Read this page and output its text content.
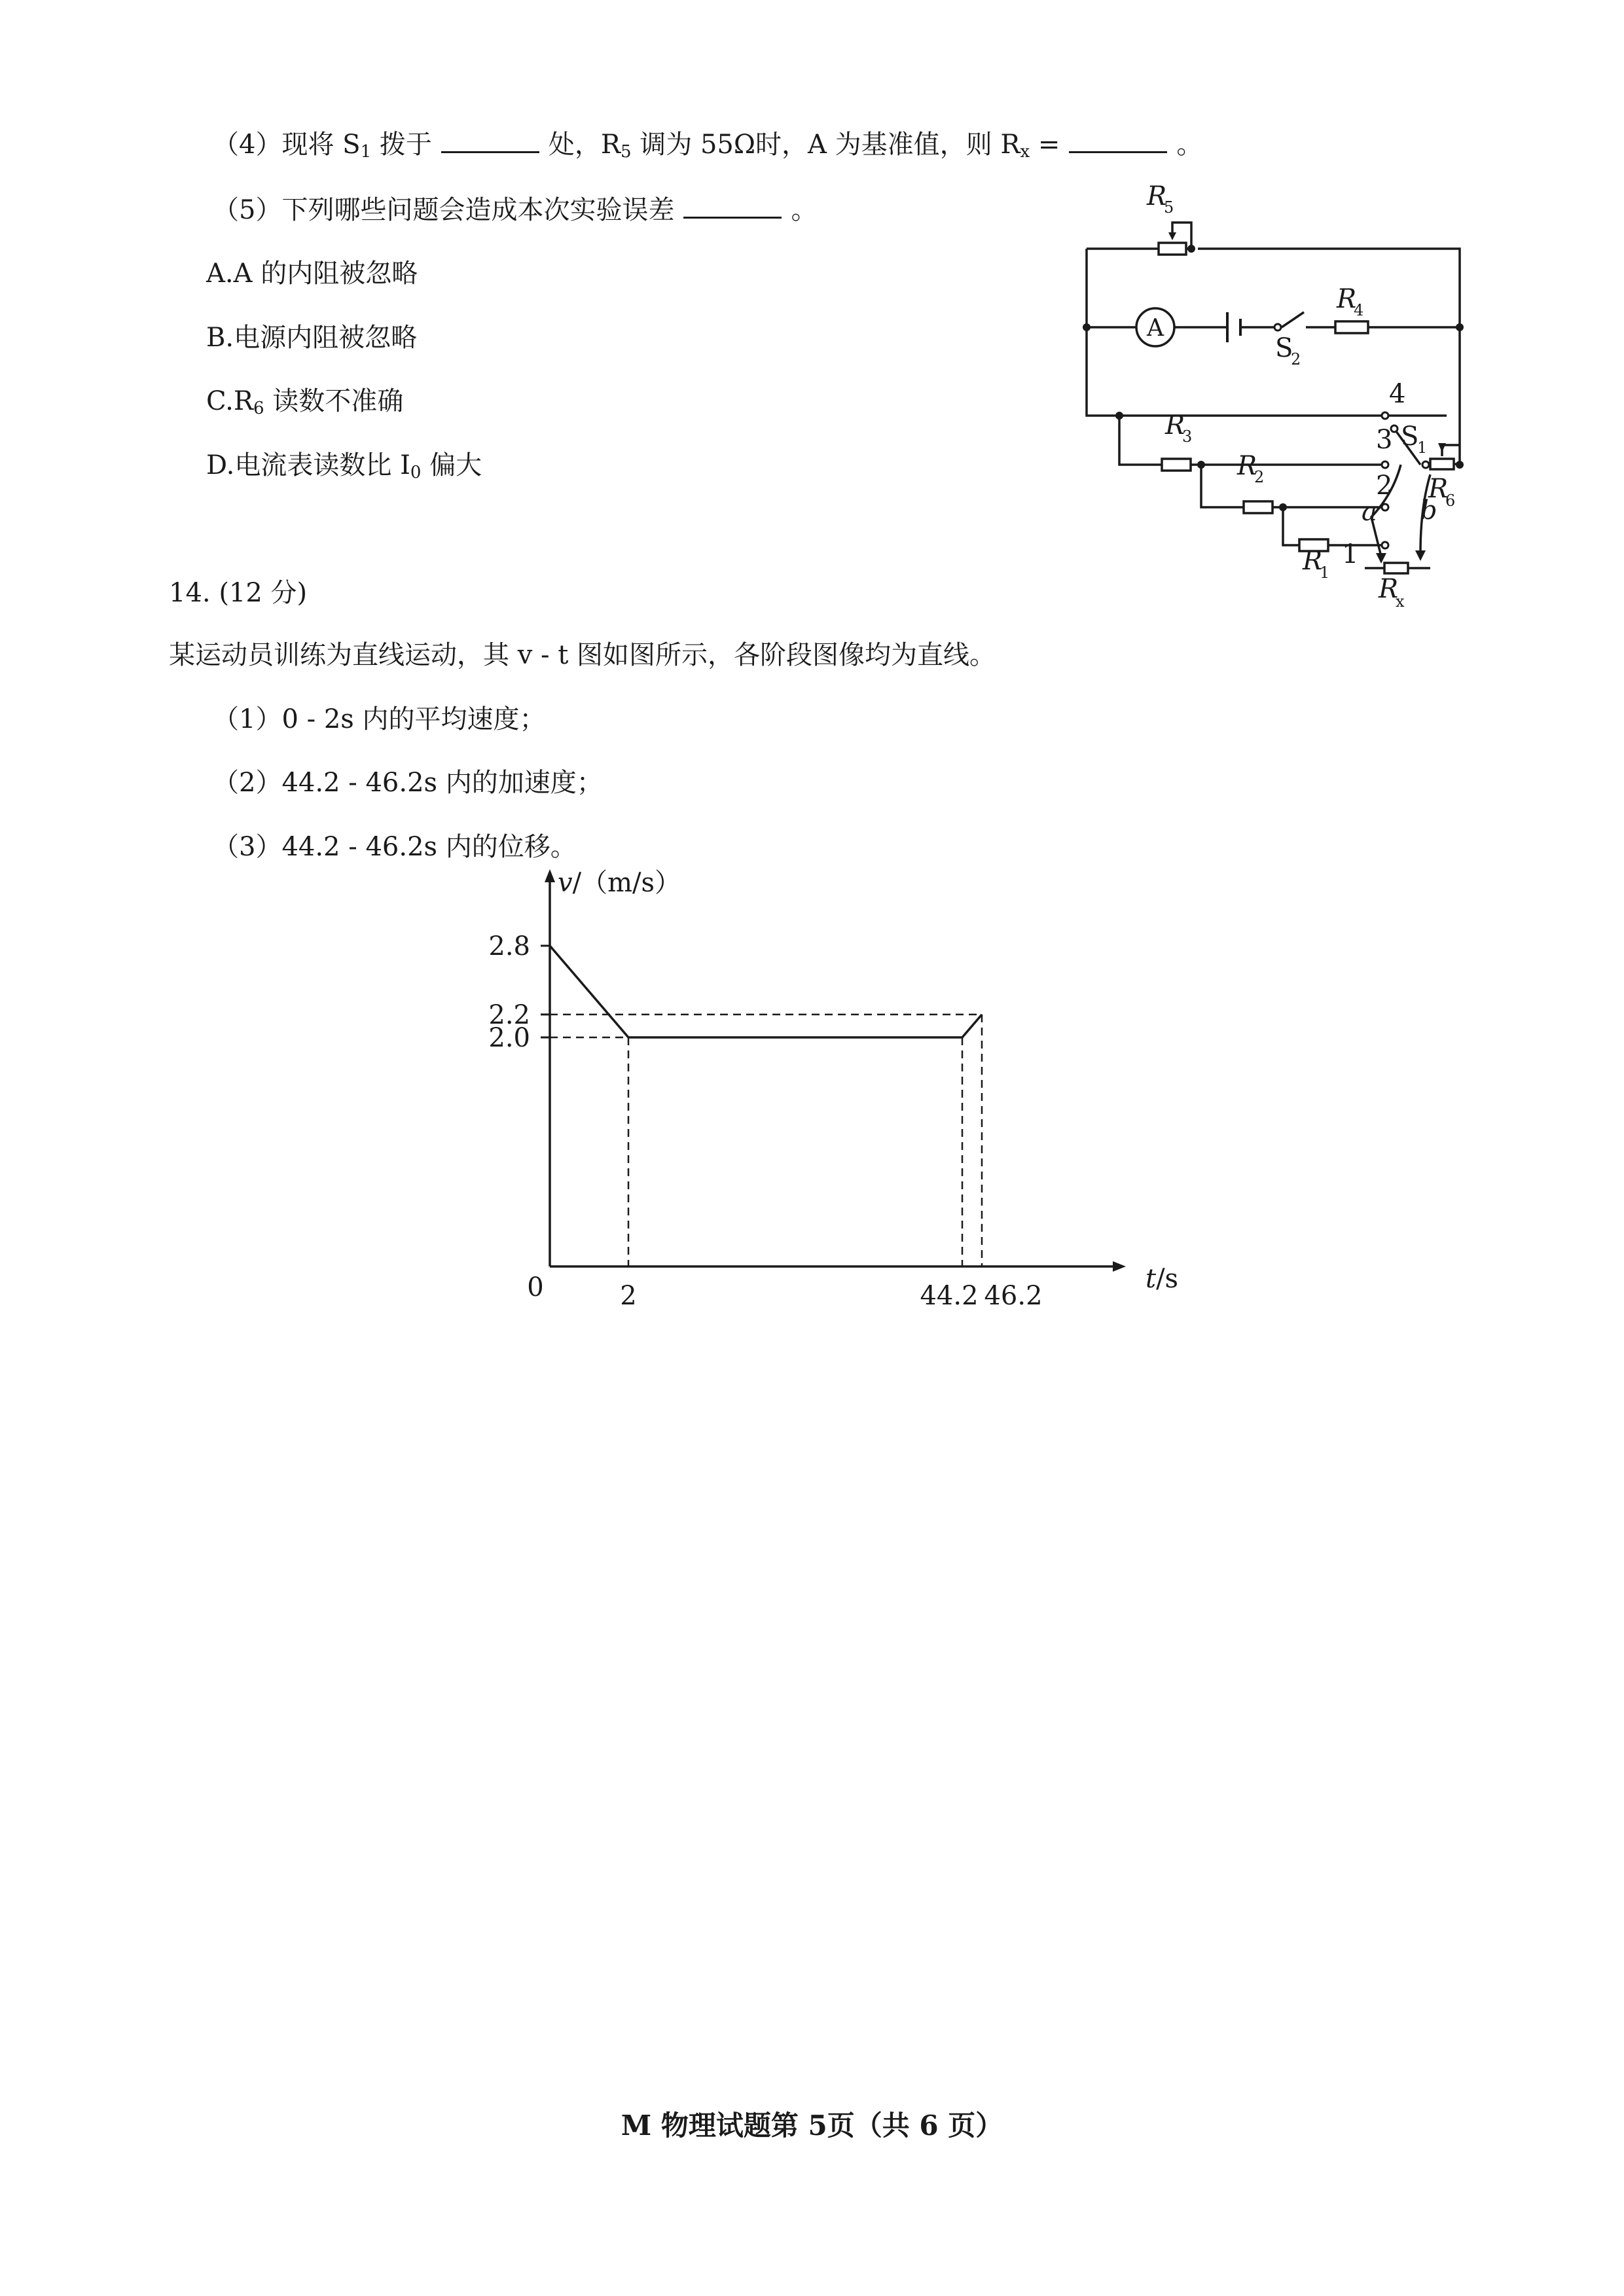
（4）现将 $S_1$ 拨于	处，$R_5$ 调为 55Ω时，A 为基准值，则 $R_x$ =	。
（5）下列哪些问题会造成本次实验误差	。
A.A 的内阻被忽略
B.电源内阻被忽略
$C.R_6$ 读数不准确
D.电流表读数比 $I_0$ 偏大
R
5
A
R
4
S
2
4
R
3	3 S
1
R
2	2 R
6
a b
R
1
1
R
x
14. (12 分)
某运动员训练为直线运动，其 v - t 图如图所示，各阶段图像均为直线。
（1）0 - 2s 内的平均速度；
（2）44.2 - 46.2s 内的加速度；
（3）44.2 - 46.2s 内的位移。
2.8
2.2
2.0
2	44.2 46.2
0
v/（m/s）
t/s
M 物理试题第 5页（共 6 页）
